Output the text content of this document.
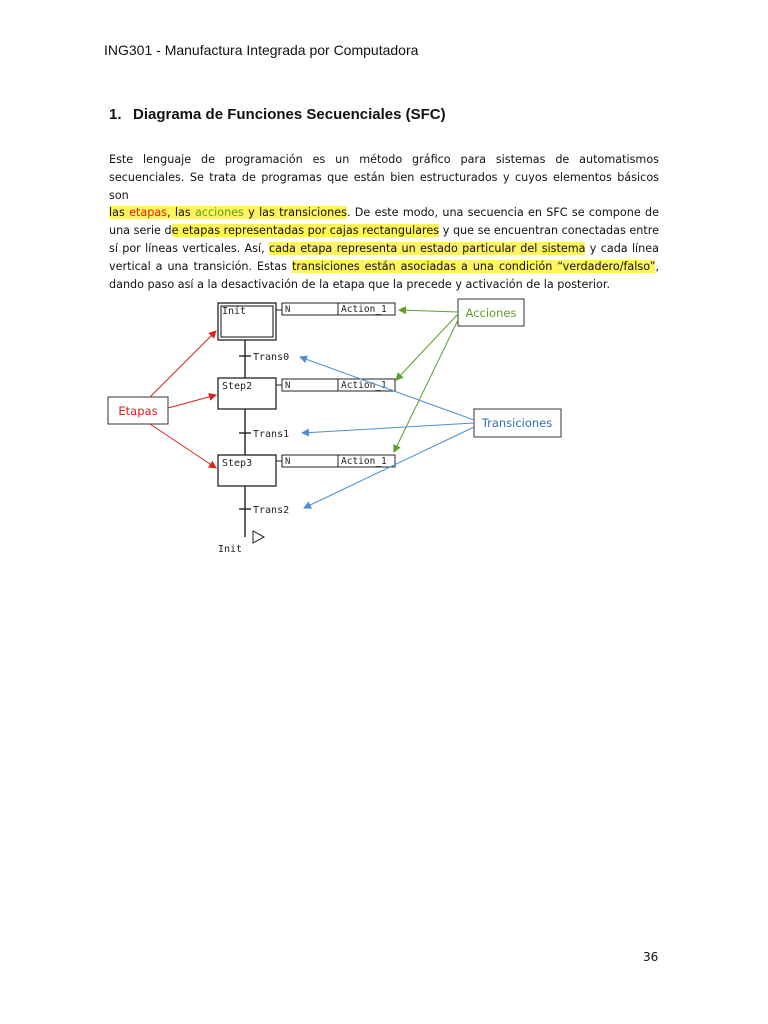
ING301 - Manufactura Integrada por Computadora
1. Diagrama de Funciones Secuenciales (SFC)
Este lenguaje de programación es un método gráfico para sistemas de automatismos
secuenciales. Se trata de programas que están bien estructurados y cuyos elementos básicos son
las etapas, las acciones y las transiciones. De este modo, una secuencia en SFC se compone de
una serie de etapas representadas por cajas rectangulares y que se encuentran conectadas entre
sí por líneas verticales. Así, cada etapa representa un estado particular del sistema y cada línea
vertical a una transición. Estas transiciones están asociadas a una condición “verdadero/falso”,
dando paso así a la desactivación de la etapa que la precede y activación de la posterior.
Trans0
Trans1
Trans2
Init
Init	N	Action_1
Step2	N	Action_1
Step3	N	Action_1
Etapas
Acciones
Transiciones
36
